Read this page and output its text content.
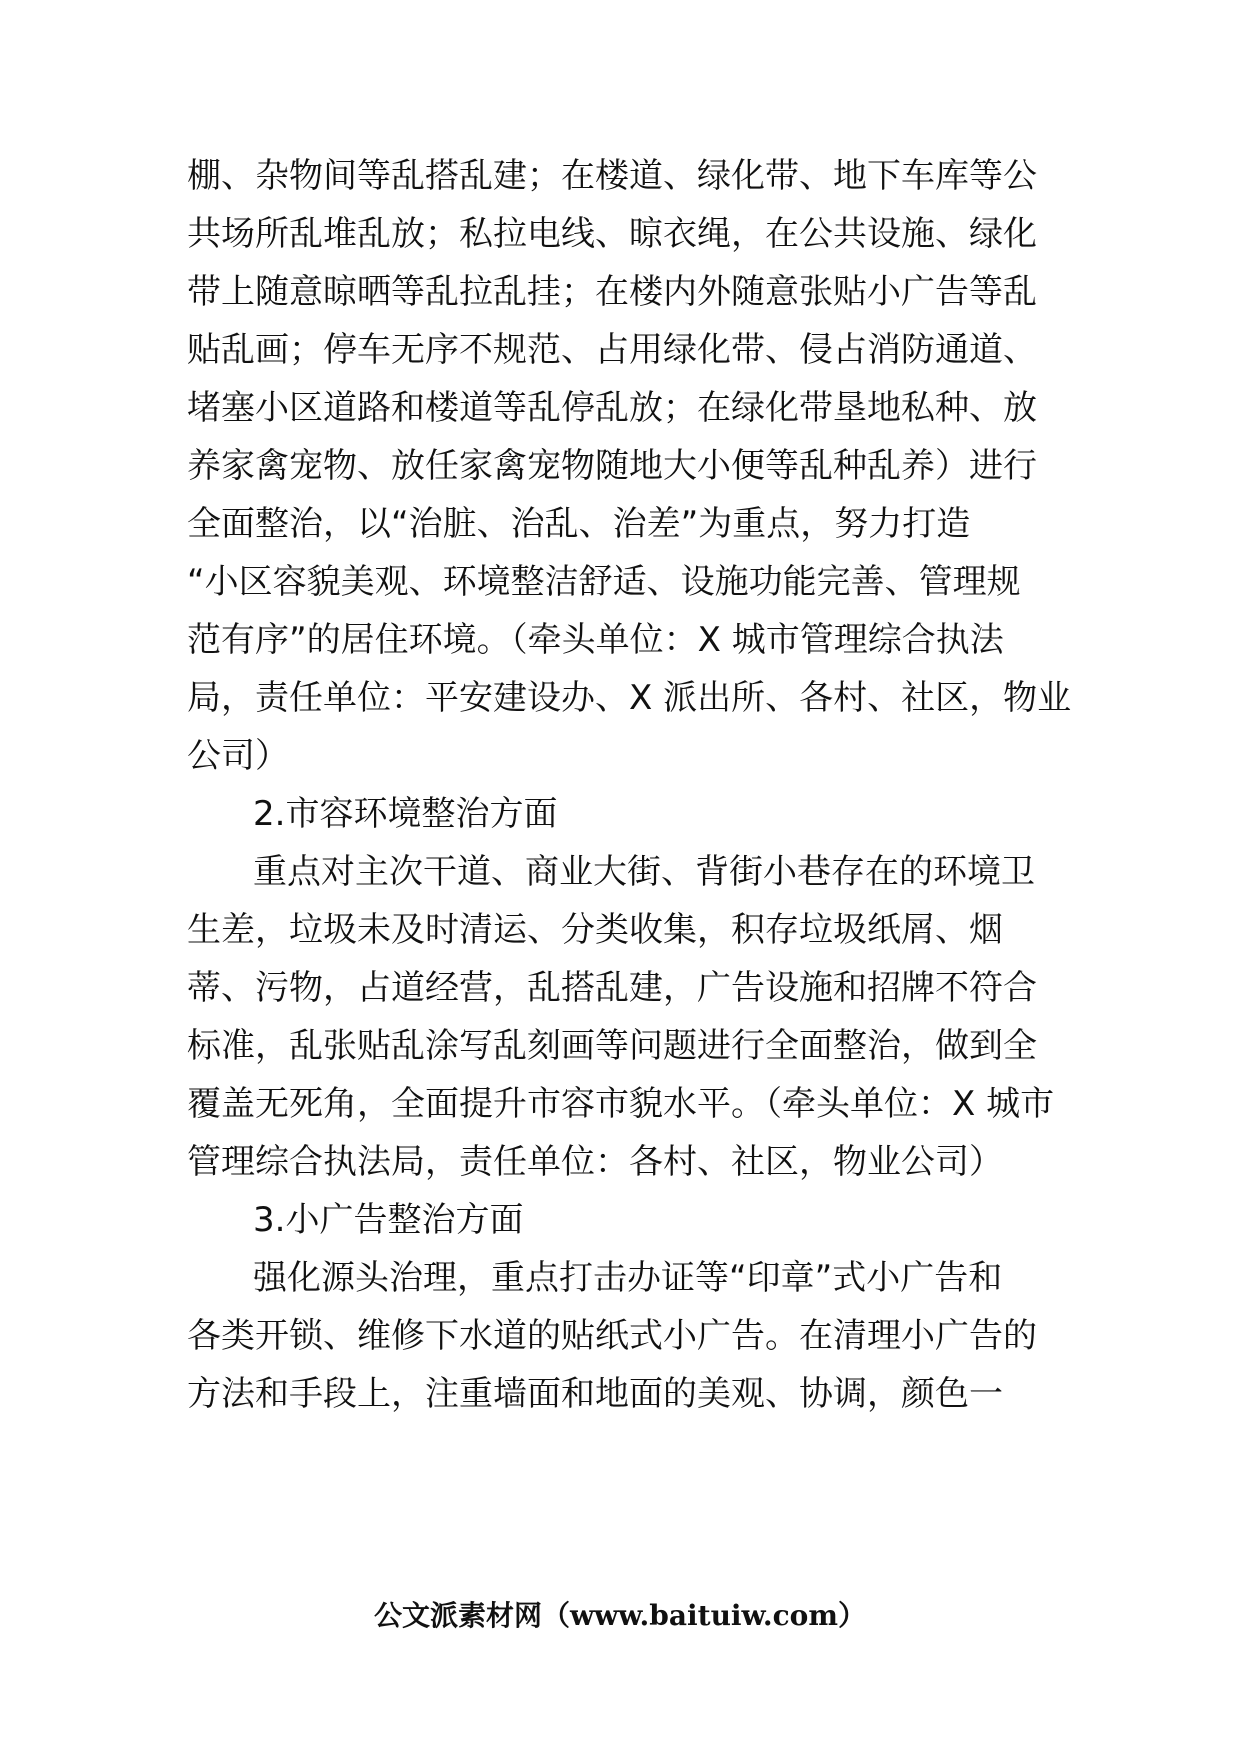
棚、杂物间等乱搭乱建；在楼道、绿化带、地下车库等公
共场所乱堆乱放；私拉电线、晾衣绳，在公共设施、绿化
带上随意晾晒等乱拉乱挂；在楼内外随意张贴小广告等乱
贴乱画；停车无序不规范、占用绿化带、侵占消防通道、
堵塞小区道路和楼道等乱停乱放；在绿化带垦地私种、放
养家禽宠物、放任家禽宠物随地大小便等乱种乱养）进行
全面整治，以“治脏、治乱、治差”为重点，努力打造
“小区容貌美观、环境整洁舒适、设施功能完善、管理规
范有序”的居住环境。（牵头单位：X 城市管理综合执法
局，责任单位：平安建设办、X 派出所、各村、社区，物业
公司）
2.市容环境整治方面
重点对主次干道、商业大街、背街小巷存在的环境卫
生差，垃圾未及时清运、分类收集，积存垃圾纸屑、烟
蒂、污物，占道经营，乱搭乱建，广告设施和招牌不符合
标准，乱张贴乱涂写乱刻画等问题进行全面整治，做到全
覆盖无死角，全面提升市容市貌水平。（牵头单位：X 城市
管理综合执法局，责任单位：各村、社区，物业公司）
3.小广告整治方面
强化源头治理，重点打击办证等“印章”式小广告和
各类开锁、维修下水道的贴纸式小广告。在清理小广告的
方法和手段上，注重墙面和地面的美观、协调，颜色一
公文派素材网（www.baituiw.com）
